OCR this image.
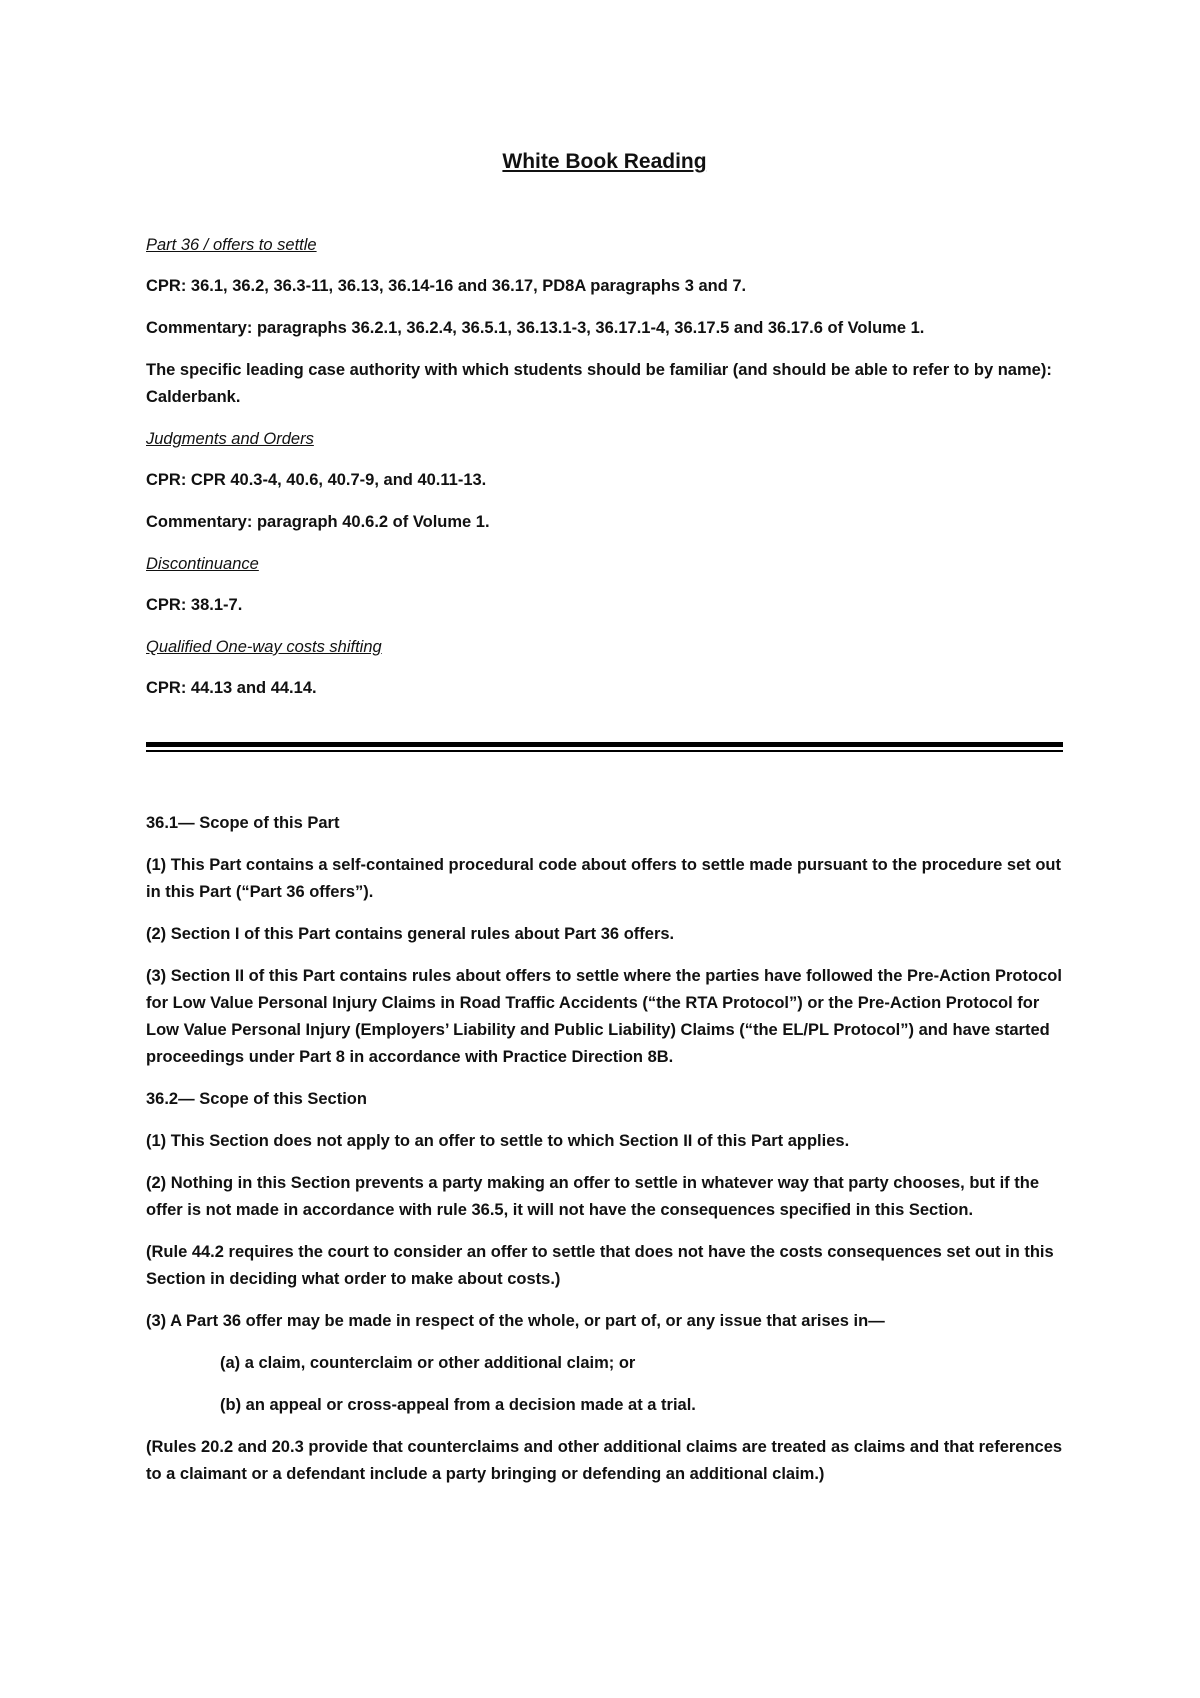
White Book Reading
Part 36 / offers to settle
CPR: 36.1, 36.2, 36.3-11, 36.13, 36.14-16 and 36.17, PD8A paragraphs 3 and 7.
Commentary: paragraphs 36.2.1, 36.2.4, 36.5.1, 36.13.1-3, 36.17.1-4, 36.17.5 and 36.17.6 of Volume 1.
The specific leading case authority with which students should be familiar (and should be able to refer to by name): Calderbank.
Judgments and Orders
CPR: CPR 40.3-4, 40.6, 40.7-9, and 40.11-13.
Commentary: paragraph 40.6.2 of Volume 1.
Discontinuance
CPR: 38.1-7.
Qualified One-way costs shifting
CPR: 44.13 and 44.14.
36.1— Scope of this Part
(1) This Part contains a self-contained procedural code about offers to settle made pursuant to the procedure set out in this Part (“Part 36 offers”).
(2) Section I of this Part contains general rules about Part 36 offers.
(3) Section II of this Part contains rules about offers to settle where the parties have followed the Pre-Action Protocol for Low Value Personal Injury Claims in Road Traffic Accidents (“the RTA Protocol”) or the Pre-Action Protocol for Low Value Personal Injury (Employers’ Liability and Public Liability) Claims (“the EL/PL Protocol”) and have started proceedings under Part 8 in accordance with Practice Direction 8B.
36.2— Scope of this Section
(1) This Section does not apply to an offer to settle to which Section II of this Part applies.
(2) Nothing in this Section prevents a party making an offer to settle in whatever way that party chooses, but if the offer is not made in accordance with rule 36.5, it will not have the consequences specified in this Section.
(Rule 44.2 requires the court to consider an offer to settle that does not have the costs consequences set out in this Section in deciding what order to make about costs.)
(3) A Part 36 offer may be made in respect of the whole, or part of, or any issue that arises in—
(a) a claim, counterclaim or other additional claim; or
(b) an appeal or cross-appeal from a decision made at a trial.
(Rules 20.2 and 20.3 provide that counterclaims and other additional claims are treated as claims and that references to a claimant or a defendant include a party bringing or defending an additional claim.)
